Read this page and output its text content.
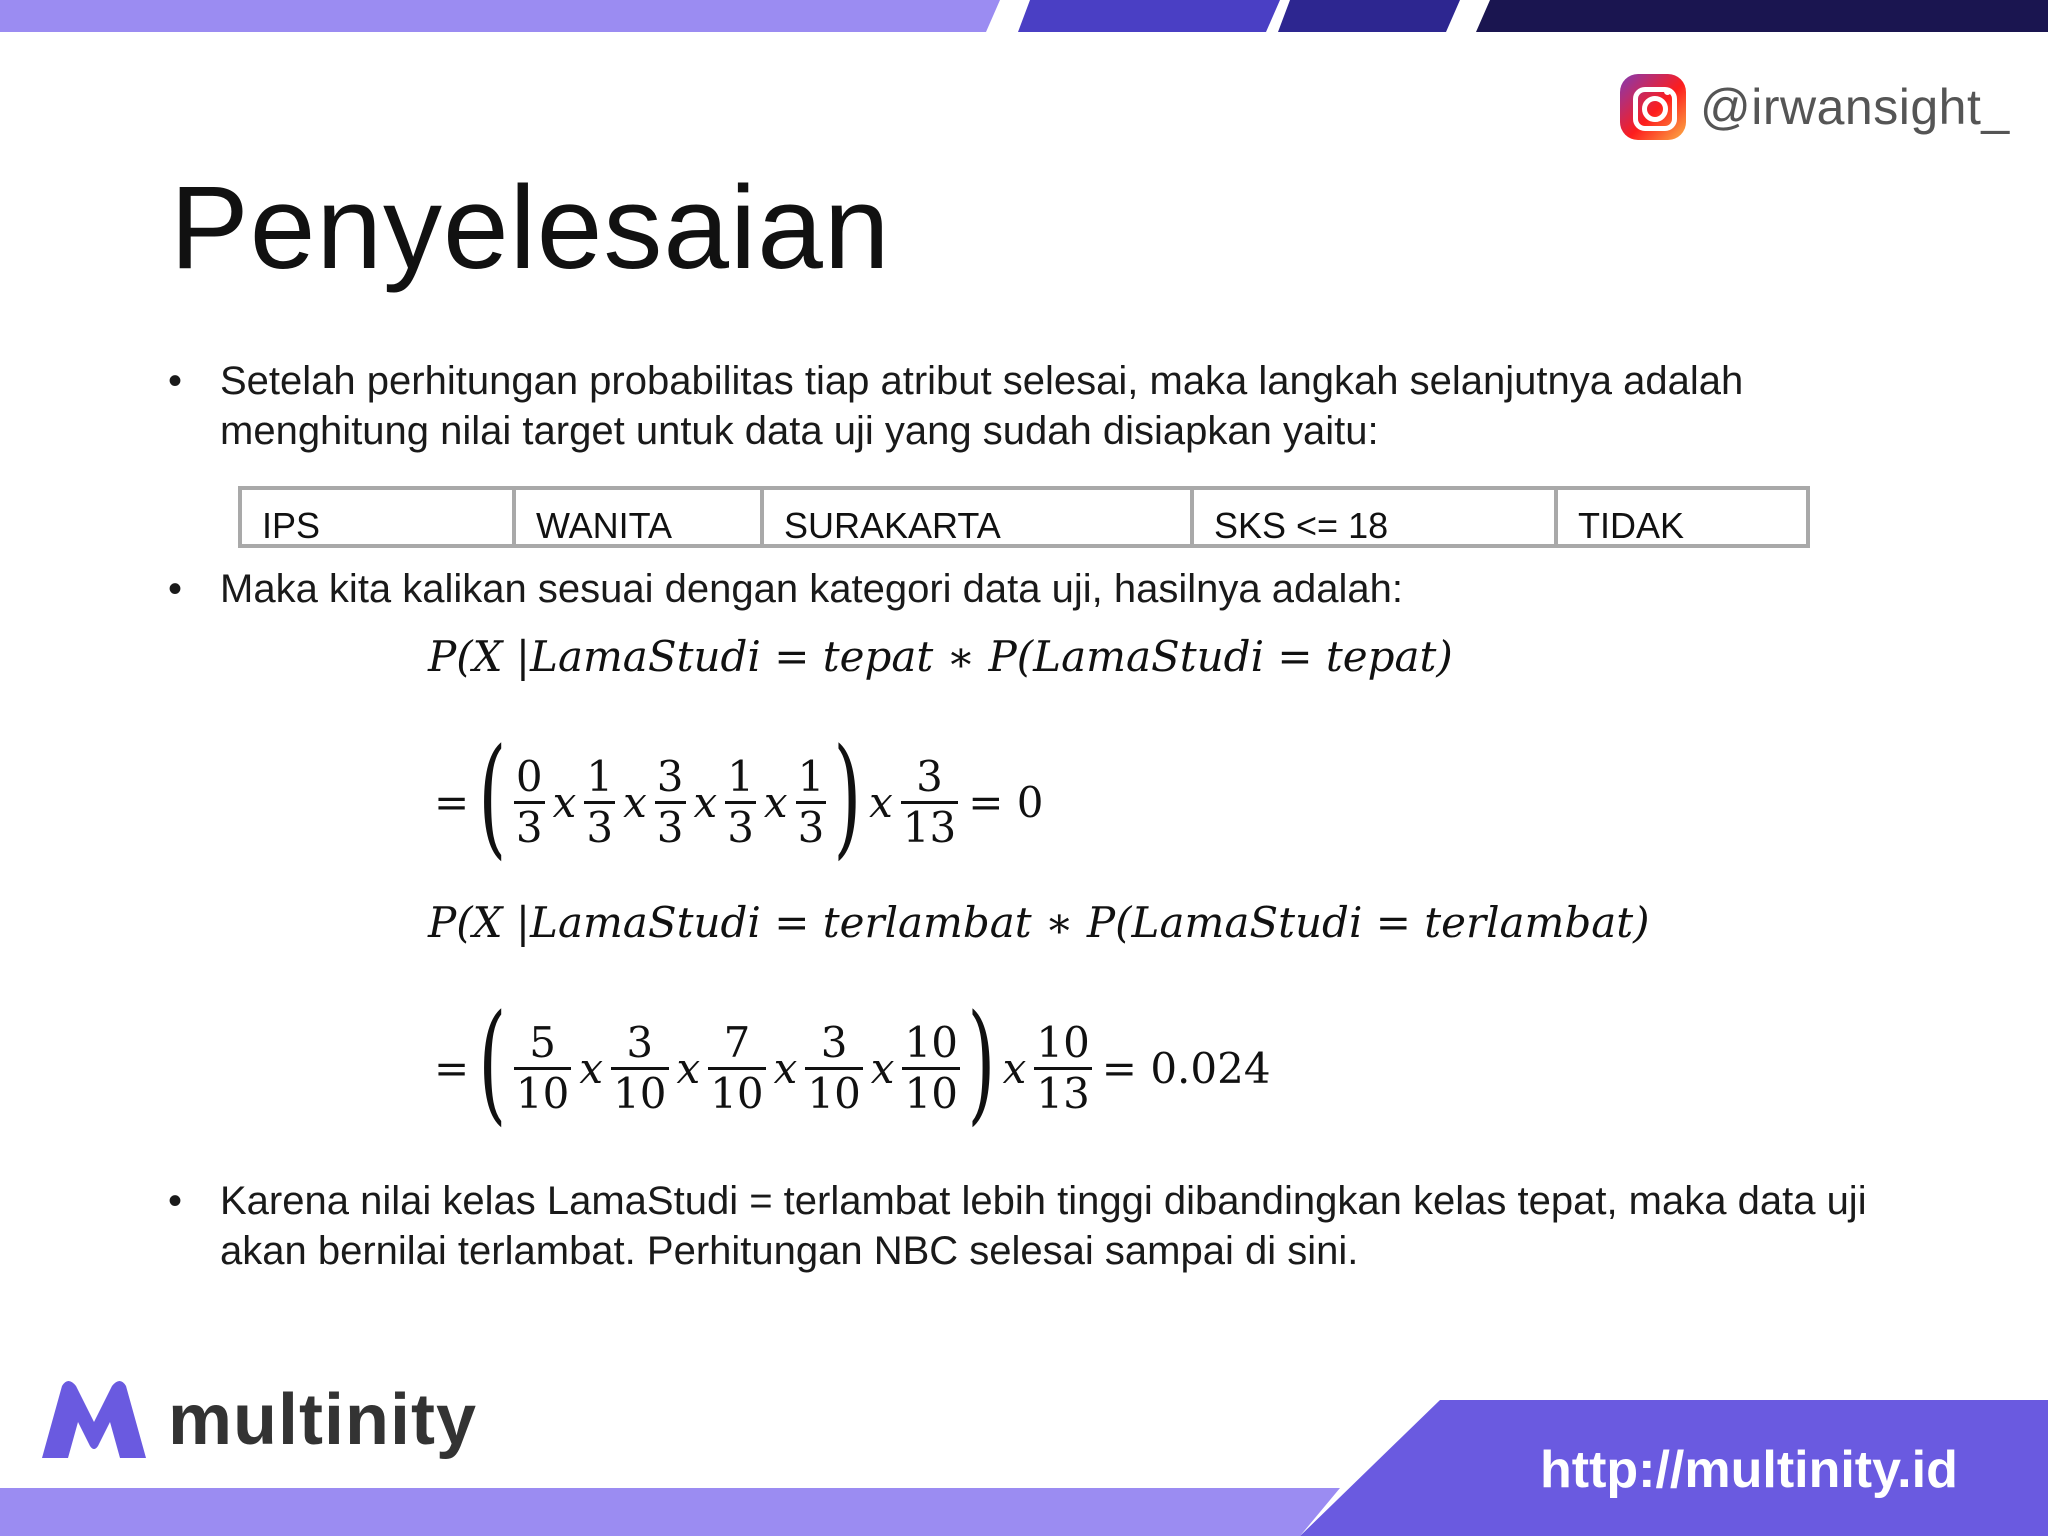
@irwansight_
Penyelesaian
• Setelah perhitungan probabilitas tiap atribut selesai, maka langkah selanjutnya adalah menghitung nilai target untuk data uji yang sudah disiapkan yaitu:
IPS	WANITA	SURAKARTA	SKS <= 18	TIDAK
• Maka kita kalikan sesuai dengan kategori data uji, hasilnya adalah:
P(X |LamaStudi = tepat ∗ P(LamaStudi = tepat)
= ( $\frac{0}{3}$ x $\frac{1}{3}$ x $\frac{3}{3}$ x $\frac{1}{3}$ x $\frac{1}{3}$ ) x $\frac{3}{13} = 0$
P(X |LamaStudi = terlambat ∗ P(LamaStudi = terlambat)
= ( $\frac{5}{10}$ x $\frac{3}{10}$ x $\frac{7}{10}$ x $\frac{3}{10}$ x $\frac{10}{10}$ ) x $\frac{10}{13} = 0.024$
• Karena nilai kelas LamaStudi = terlambat lebih tinggi dibandingkan kelas tepat, maka data uji akan bernilai terlambat. Perhitungan NBC selesai sampai di sini.
multinity
http://multinity.id
